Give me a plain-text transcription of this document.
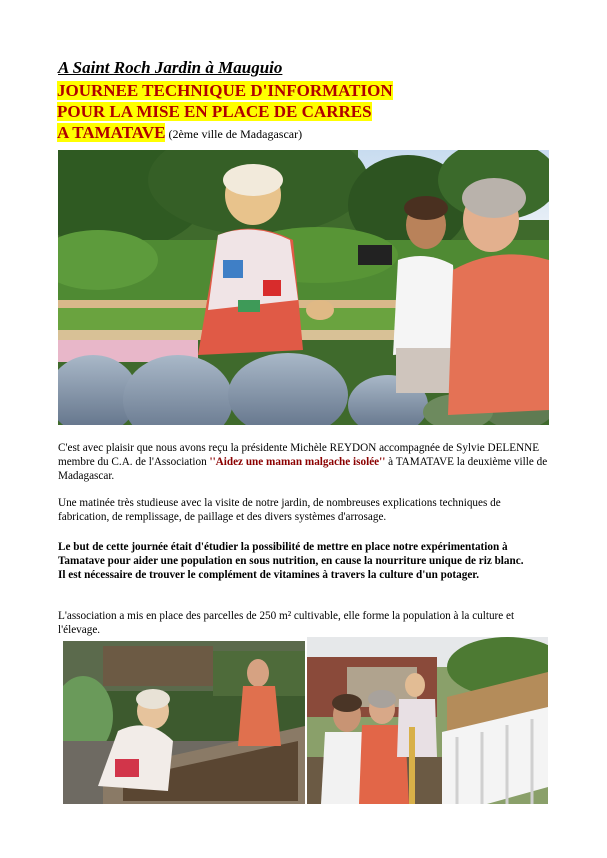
A Saint Roch Jardin à Mauguio
JOURNEE TECHNIQUE D'INFORMATION
POUR LA MISE EN PLACE DE CARRES
A TAMATAVE (2ème ville de Madagascar)

C'est avec plaisir que nous avons reçu la présidente Michèle REYDON accompagnée de Sylvie DELENNE membre du C.A. de l'Association ''Aidez une maman malgache isolée'' à TAMATAVE la deuxième ville de Madagascar.

Une matinée très studieuse avec la visite de notre jardin, de nombreuses explications techniques de fabrication, de remplissage, de paillage et des divers systèmes d'arrosage.

Le but de cette journée était d'étudier la possibilité de mettre en place notre expérimentation à Tamatave pour aider une population en sous nutrition, en cause la nourriture unique de riz blanc.
Il est nécessaire de trouver le complément de vitamines à travers la culture d'un potager.

L'association a mis en place des parcelles de 250 m² cultivable, elle forme la population à la culture et l'élevage.
